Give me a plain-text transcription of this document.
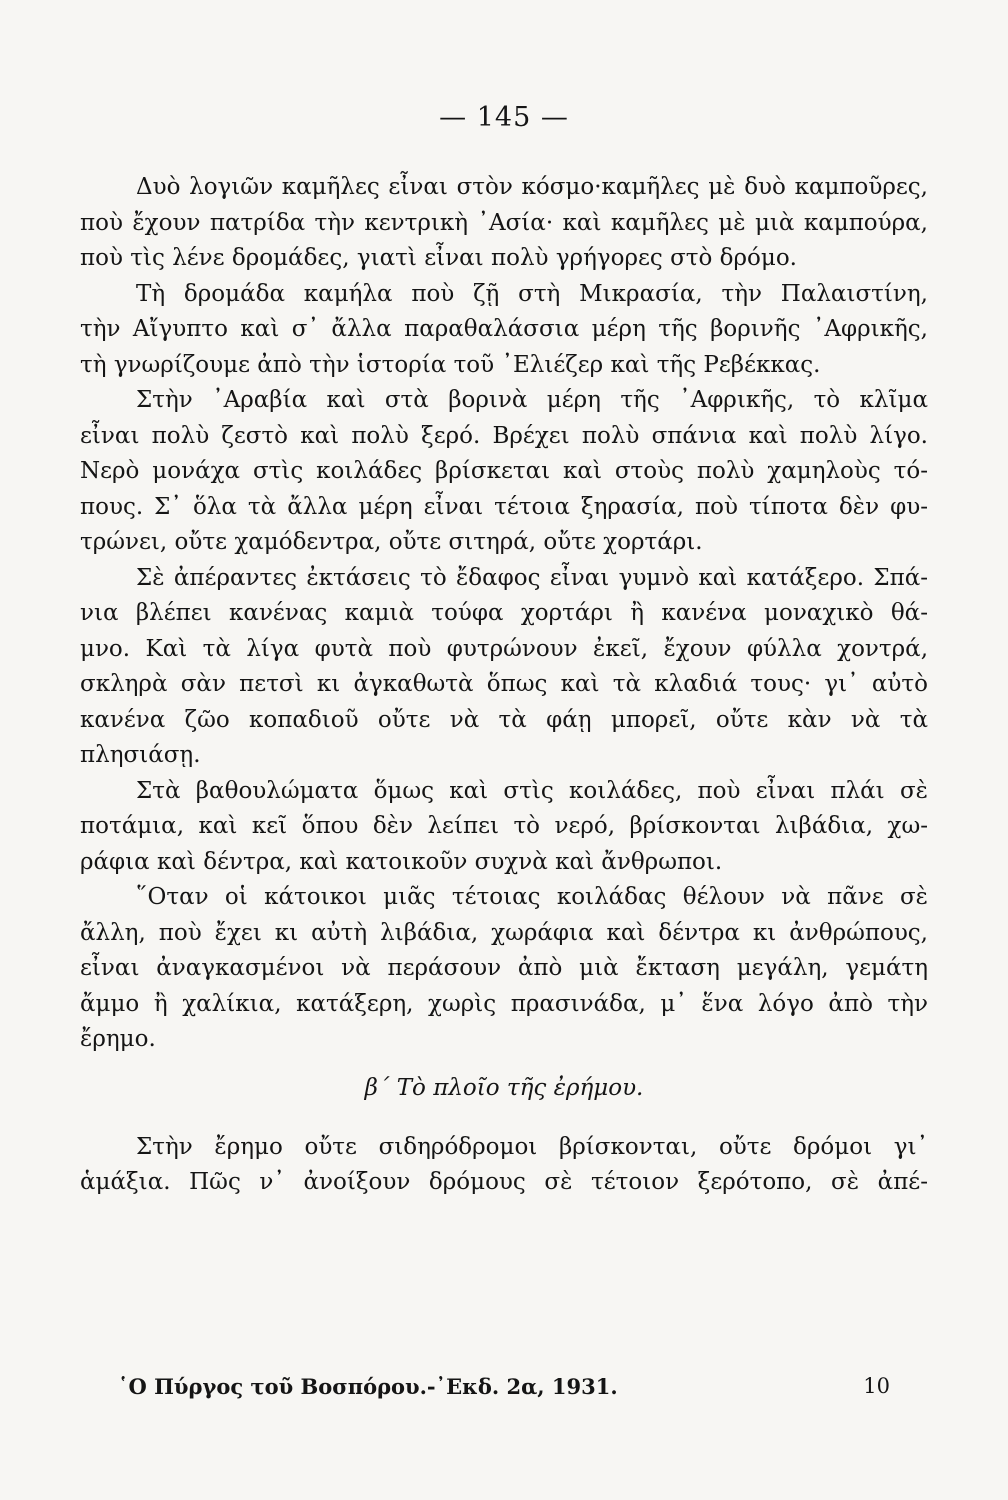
— 145 —
Δυὸ λογιῶν καμῆλες εἶναι στὸν κόσμο·καμῆλες μὲ δυὸ καμποῦρες,
ποὺ ἔχουν πατρίδα τὴν κεντρικὴ ᾿Ασία· καὶ καμῆλες μὲ μιὰ καμπούρα,
ποὺ τὶς λένε δρομάδες, γιατὶ εἶναι πολὺ γρήγορες στὸ δρόμο.
Τὴ δρομάδα καμήλα ποὺ ζῇ στὴ Μικρασία, τὴν Παλαιστίνη,
τὴν Αἴγυπτο καὶ σ᾿ ἄλλα παραθαλάσσια μέρη τῆς βορινῆς ᾿Αφρικῆς,
τὴ γνωρίζουμε ἀπὸ τὴν ἱστορία τοῦ ᾿Ελιέζερ καὶ τῆς Ρεβέκκας.
Στὴν ᾿Αραβία καὶ στὰ βορινὰ μέρη τῆς ᾿Αφρικῆς, τὸ κλῖμα
εἶναι πολὺ ζεστὸ καὶ πολὺ ξερό. Βρέχει πολὺ σπάνια καὶ πολὺ λίγο.
Νερὸ μονάχα στὶς κοιλάδες βρίσκεται καὶ στοὺς πολὺ χαμηλοὺς τό-
πους. Σ᾿ ὅλα τὰ ἄλλα μέρη εἶναι τέτοια ξηρασία, ποὺ τίποτα δὲν φυ-
τρώνει, οὔτε χαμόδεντρα, οὔτε σιτηρά, οὔτε χορτάρι.
Σὲ ἀπέραντες ἐκτάσεις τὸ ἔδαφος εἶναι γυμνὸ καὶ κατάξερο. Σπά-
νια βλέπει κανένας καμιὰ τούφα χορτάρι ἢ κανένα μοναχικὸ θά-
μνο. Καὶ τὰ λίγα φυτὰ ποὺ φυτρώνουν ἐκεῖ, ἔχουν φύλλα χοντρά,
σκληρὰ σὰν πετσὶ κι ἀγκαθωτὰ ὅπως καὶ τὰ κλαδιά τους· γι᾿ αὐτὸ
κανένα ζῶο κοπαδιοῦ οὔτε νὰ τὰ φάῃ μπορεῖ, οὔτε κὰν νὰ τὰ
πλησιάσῃ.
Στὰ βαθουλώματα ὅμως καὶ στὶς κοιλάδες, ποὺ εἶναι πλάι σὲ
ποτάμια, καὶ κεῖ ὅπου δὲν λείπει τὸ νερό, βρίσκονται λιβάδια, χω-
ράφια καὶ δέντρα, καὶ κατοικοῦν συχνὰ καὶ ἄνθρωποι.
῞Οταν οἱ κάτοικοι μιᾶς τέτοιας κοιλάδας θέλουν νὰ πᾶνε σὲ
ἄλλη, ποὺ ἔχει κι αὐτὴ λιβάδια, χωράφια καὶ δέντρα κι ἀνθρώπους,
εἶναι ἀναγκασμένοι νὰ περάσουν ἀπὸ μιὰ ἔκταση μεγάλη, γεμάτη
ἄμμο ἢ χαλίκια, κατάξερη, χωρὶς πρασινάδα, μ᾿ ἕνα λόγο ἀπὸ τὴν
ἔρημο.
β΄ Τὸ πλοῖο τῆς ἐρήμου.
Στὴν ἔρημο οὔτε σιδηρόδρομοι βρίσκονται, οὔτε δρόμοι γι᾿
ἁμάξια. Πῶς ν᾿ ἀνοίξουν δρόμους σὲ τέτοιον ξερότοπο, σὲ ἀπέ-
῾Ο Πύργος τοῦ Βοσπόρου.-᾿Εκδ. 2α, 1931.	10
